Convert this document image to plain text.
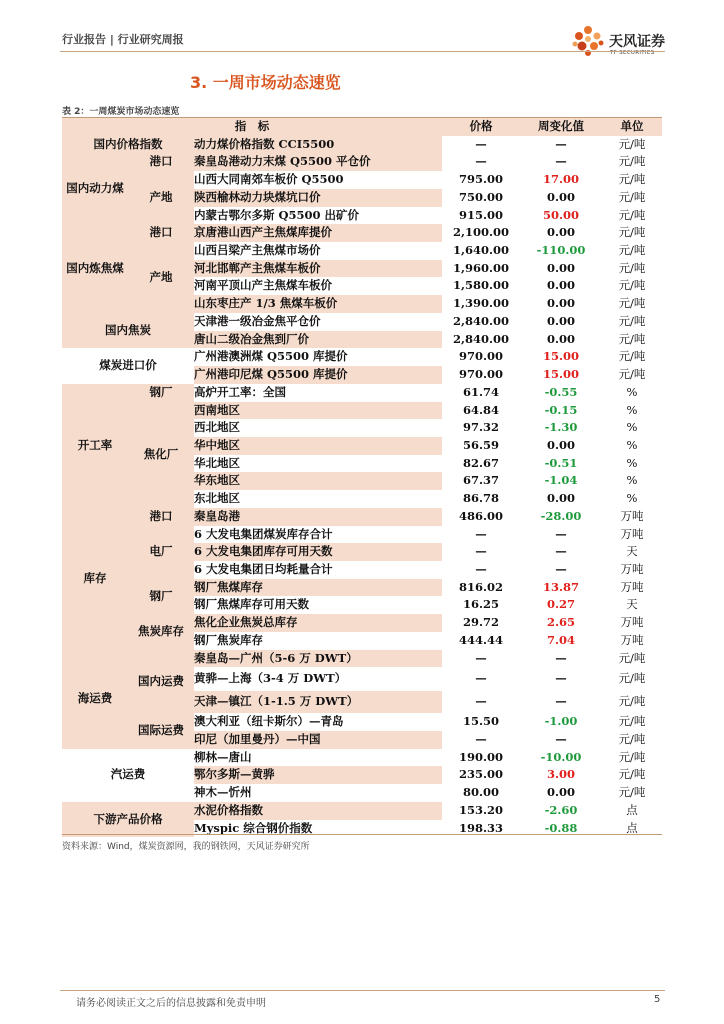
行业报告 | 行业研究周报	天风证券
TF SECURITIES
3. 一周市场动态速览
表 2：一周煤炭市场动态速览
指　标			价格	周变化值	单位
国内价格指数		动力煤价格指数 CCI5500	—	—	元/吨
国内动力煤	港口	秦皇岛港动力末煤 Q5500 平仓价	—	—	元/吨
	产地	山西大同南郊车板价 Q5500	795.00	17.00	元/吨
		陕西榆林动力块煤坑口价	750.00	0.00	元/吨
		内蒙古鄂尔多斯 Q5500 出矿价	915.00	50.00	元/吨
国内炼焦煤	港口	京唐港山西产主焦煤库提价	2,100.00	0.00	元/吨
	产地	山西吕梁产主焦煤市场价	1,640.00	-110.00	元/吨
		河北邯郸产主焦煤车板价	1,960.00	0.00	元/吨
		河南平顶山产主焦煤车板价	1,580.00	0.00	元/吨
		山东枣庄产 1/3 焦煤车板价	1,390.00	0.00	元/吨
国内焦炭		天津港一级冶金焦平仓价	2,840.00	0.00	元/吨
		唐山二级冶金焦到厂价	2,840.00	0.00	元/吨
煤炭进口价		广州港澳洲煤 Q5500 库提价	970.00	15.00	元/吨
		广州港印尼煤 Q5500 库提价	970.00	15.00	元/吨
开工率	钢厂	高炉开工率：全国	61.74	-0.55	%
	焦化厂	西南地区	64.84	-0.15	%
		西北地区	97.32	-1.30	%
		华中地区	56.59	0.00	%
		华北地区	82.67	-0.51	%
		华东地区	67.37	-1.04	%
		东北地区	86.78	0.00	%
库存	港口	秦皇岛港	486.00	-28.00	万吨
	电厂	6 大发电集团煤炭库存合计	—	—	万吨
		6 大发电集团库存可用天数	—	—	天
		6 大发电集团日均耗量合计	—	—	万吨
	钢厂	钢厂焦煤库存	816.02	13.87	万吨
		钢厂焦煤库存可用天数	16.25	0.27	天
	焦炭库存	焦化企业焦炭总库存	29.72	2.65	万吨
		钢厂焦炭库存	444.44	7.04	万吨
海运费	国内运费	秦皇岛—广州（5-6 万 DWT）	—	—	元/吨
		黄骅—上海（3-4 万 DWT）	—	—	元/吨
		天津—镇江（1-1.5 万 DWT）	—	—	元/吨
	国际运费	澳大利亚（纽卡斯尔）—青岛	15.50	-1.00	元/吨
		印尼（加里曼丹）—中国	—	—	元/吨
汽运费		柳林—唐山	190.00	-10.00	元/吨
		鄂尔多斯—黄骅	235.00	3.00	元/吨
		神木—忻州	80.00	0.00	元/吨
下游产品价格		水泥价格指数	153.20	-2.60	点
		Myspic 综合钢价指数	198.33	-0.88	点
资料来源：Wind，煤炭资源网，我的钢铁网，天风证券研究所
请务必阅读正文之后的信息披露和免责申明	5
